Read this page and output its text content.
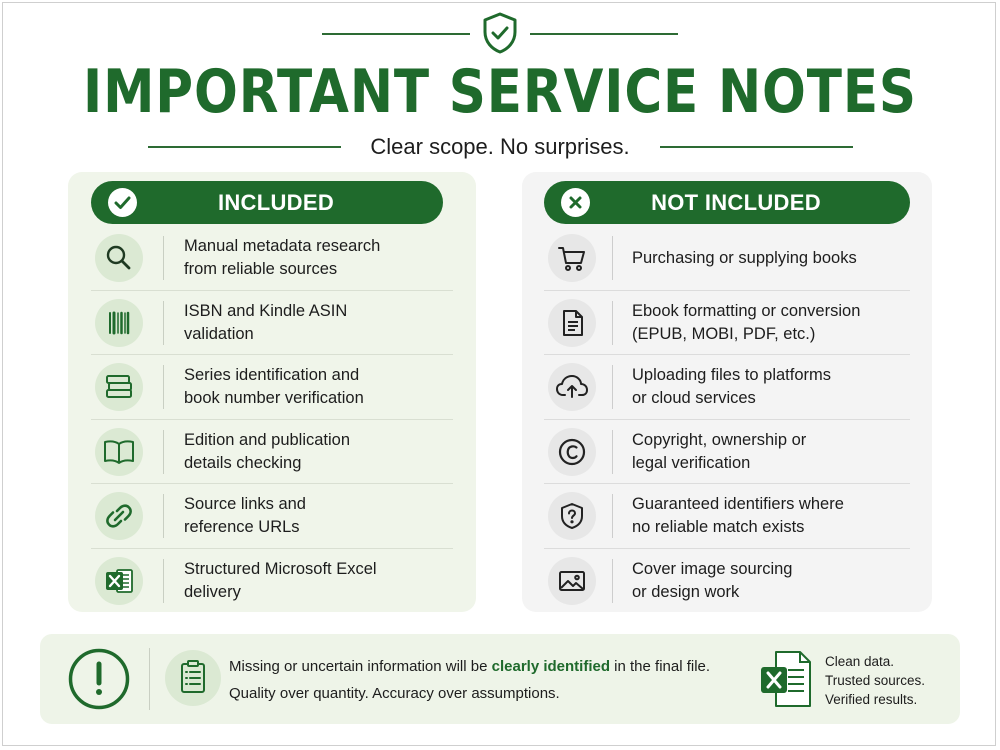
IMPORTANT SERVICE NOTES
Clear scope. No surprises.
INCLUDED	NOT INCLUDED
Manual metadata research
from reliable sources
ISBN and Kindle ASIN
validation
Series identification and
book number verification
Edition and publication
details checking
Source links and
reference URLs
Structured Microsoft Excel
delivery
Purchasing or supplying books
Ebook formatting or conversion
(EPUB, MOBI, PDF, etc.)
Uploading files to platforms
or cloud services
Copyright, ownership or
legal verification
Guaranteed identifiers where
no reliable match exists
Cover image sourcing
or design work
Missing or uncertain information will be clearly identified in the final file.
Quality over quantity. Accuracy over assumptions.
Clean data.
Trusted sources.
Verified results.
